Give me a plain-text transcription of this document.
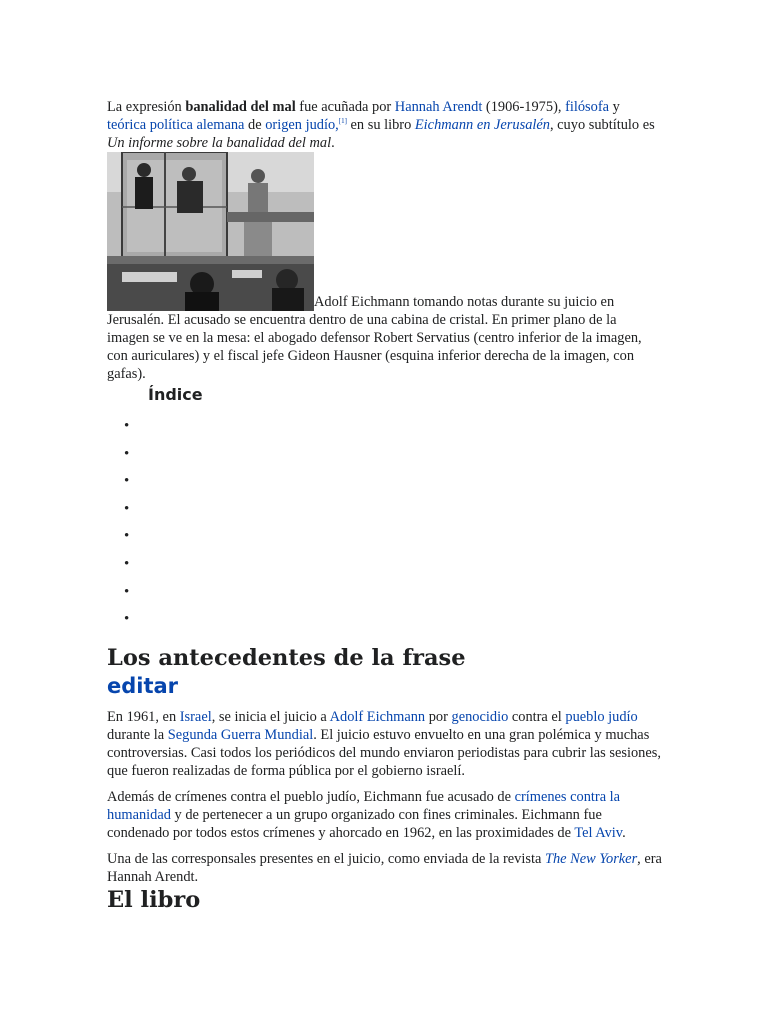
La expresión banalidad del mal fue acuñada por Hannah Arendt (1906-1975), filósofa y teórica política alemana de origen judío,[1] en su libro Eichmann en Jerusalén, cuyo subtítulo es Un informe sobre la banalidad del mal.

Adolf Eichmann tomando notas durante su juicio en Jerusalén. El acusado se encuentra dentro de una cabina de cristal. En primer plano de la imagen se ve en la mesa: el abogado defensor Robert Servatius (centro inferior de la imagen, con auriculares) y el fiscal jefe Gideon Hausner (esquina inferior derecha de la imagen, con gafas).

Índice
•
•
•
•
•
•
•
•
Los antecedentes de la frase
editar

En 1961, en Israel, se inicia el juicio a Adolf Eichmann por genocidio contra el pueblo judío durante la Segunda Guerra Mundial. El juicio estuvo envuelto en una gran polémica y muchas controversias. Casi todos los periódicos del mundo enviaron periodistas para cubrir las sesiones, que fueron realizadas de forma pública por el gobierno israelí.

Además de crímenes contra el pueblo judío, Eichmann fue acusado de crímenes contra la humanidad y de pertenecer a un grupo organizado con fines criminales. Eichmann fue condenado por todos estos crímenes y ahorcado en 1962, en las proximidades de Tel Aviv.

Una de las corresponsales presentes en el juicio, como enviada de la revista The New Yorker, era Hannah Arendt.

El libro
